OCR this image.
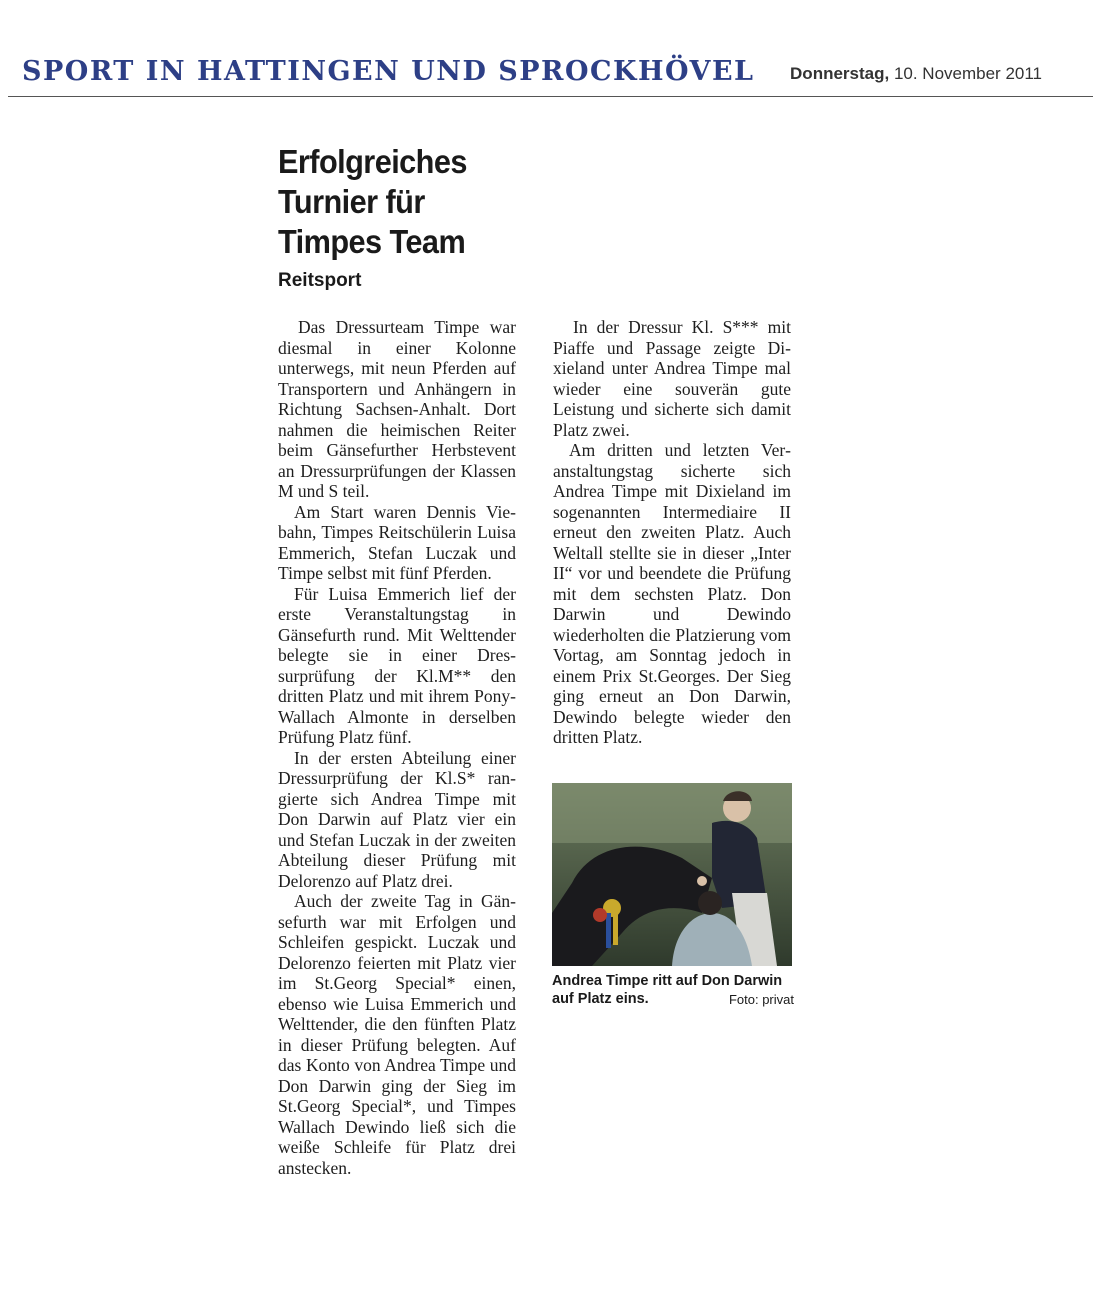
SPORT IN HATTINGEN UND SPROCKHÖVEL Donnerstag, 10. November 2011
Erfolgreiches
Turnier für
Timpes Team
Reitsport

Das Dressurteam Timpe war diesmal in einer Kolonne unterwegs, mit neun Pferden auf Transportern und Anhängern in Richtung Sachsen-Anhalt. Dort nahmen die heimischen Reiter beim Gänsefurther Herbstevent an Dressurprüfungen der Klassen M und S teil.

Am Start waren Dennis Viebahn, Timpes Reitschülerin Luisa Emmerich, Stefan Luczak und Timpe selbst mit fünf Pferden.

Für Luisa Emmerich lief der erste Veranstaltungstag in Gänsefurth rund. Mit Welttender belegte sie in einer Dressurprüfung der Kl.M** den dritten Platz und mit ihrem Pony-Wallach Almonte in derselben Prüfung Platz fünf.

In der ersten Abteilung einer Dressurprüfung der Kl.S* rangierte sich Andrea Timpe mit Don Darwin auf Platz vier ein und Stefan Luczak in der zweiten Abteilung dieser Prüfung mit Delorenzo auf Platz drei.

Auch der zweite Tag in Gänsefurth war mit Erfolgen und Schleifen gespickt. Luczak und Delorenzo feierten mit Platz vier im St.Georg Special* einen, ebenso wie Luisa Emmerich und Welttender, die den fünften Platz in dieser Prüfung belegten. Auf das Konto von Andrea Timpe und Don Darwin ging der Sieg im St.Georg Special*, und Timpes Wallach Dewindo ließ sich die weiße Schleife für Platz drei anstecken.

In der Dressur Kl. S*** mit Piaffe und Passage zeigte Dixieland unter Andrea Timpe mal wieder eine souverän gute Leistung und sicherte sich damit Platz zwei.

Am dritten und letzten Veranstaltungstag sicherte sich Andrea Timpe mit Dixieland im sogenannten Intermediaire II erneut den zweiten Platz. Auch Weltall stellte sie in dieser „Inter II“ vor und beendete die Prüfung mit dem sechsten Platz. Don Darwin und Dewindo wiederholten die Platzierung vom Vortag, am Sonntag jedoch in einem Prix St.Georges. Der Sieg ging erneut an Don Darwin, Dewindo belegte wieder den dritten Platz.

Andrea Timpe ritt auf Don Darwin auf Platz eins.	Foto: privat
